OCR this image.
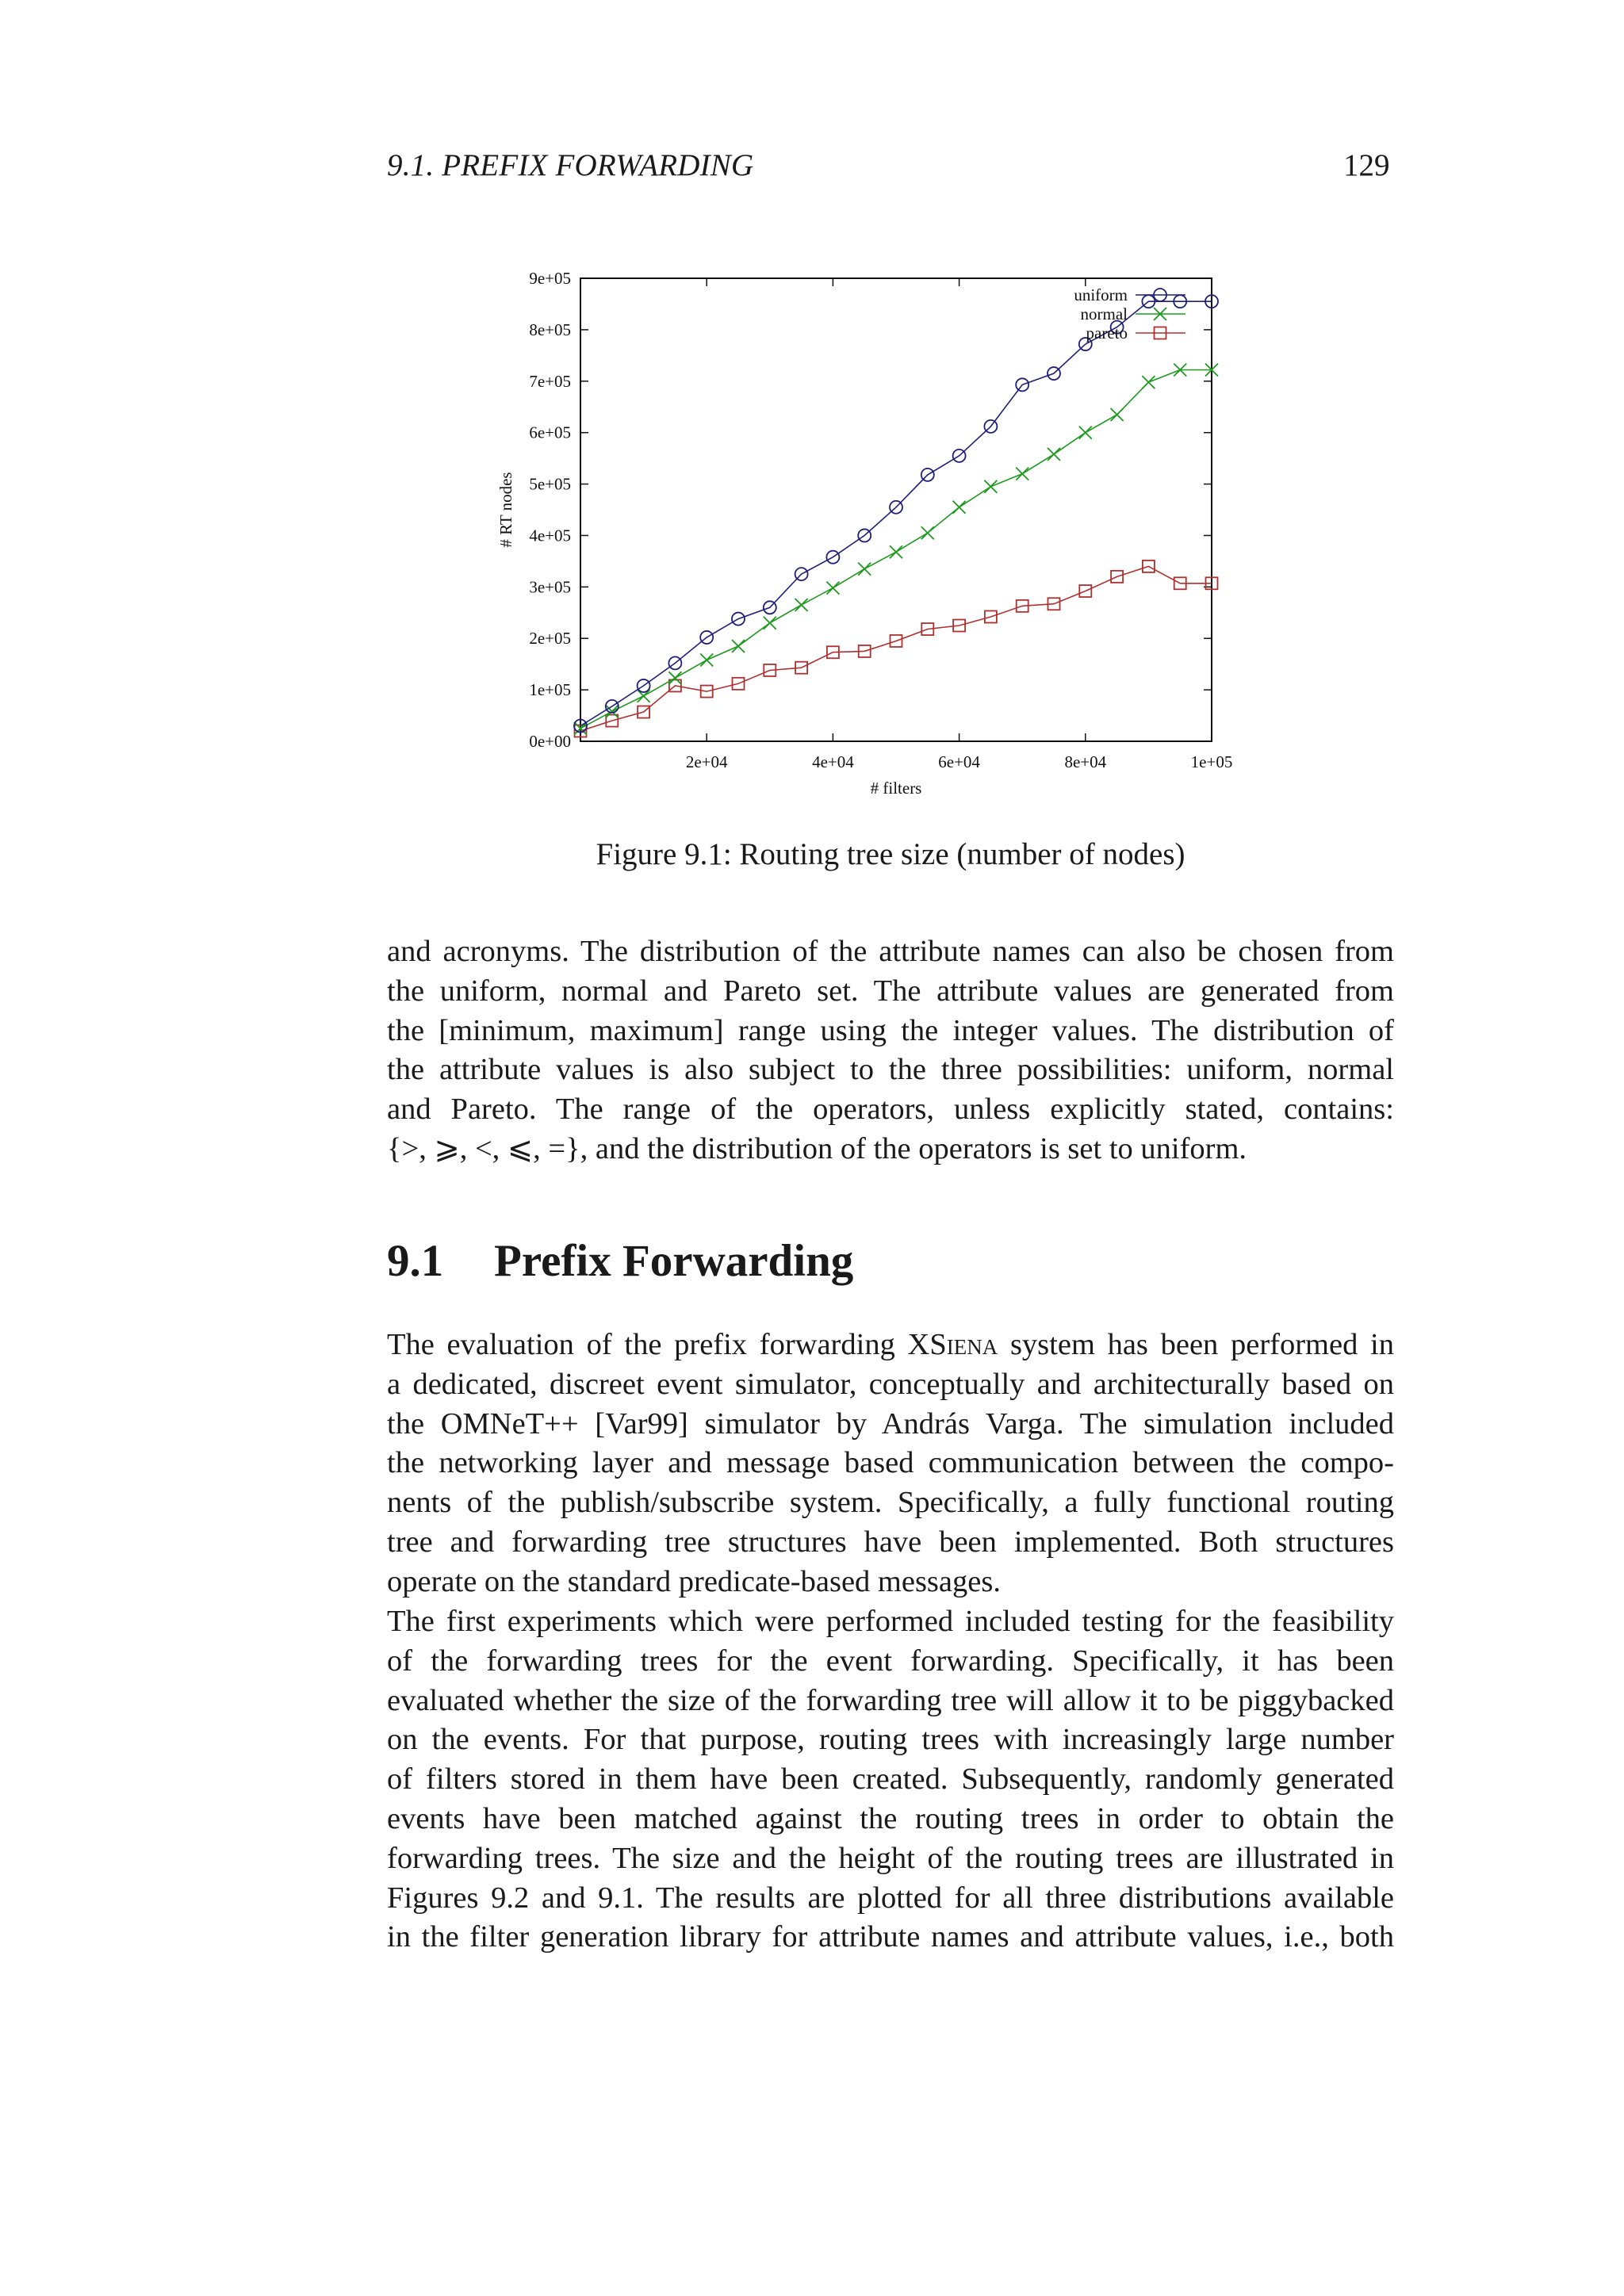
9.1. PREFIX FORWARDING	129
0e+00
1e+05
2e+05
3e+05
4e+05
5e+05
6e+05
7e+05
8e+05
9e+05
2e+04	4e+04	6e+04	8e+04	1e+05
# filters
# RT nodes
uniform
normal
pareto
Figure 9.1: Routing tree size (number of nodes)
and acronyms. The distribution of the attribute names can also be chosen from
the uniform, normal and Pareto set. The attribute values are generated from
the [minimum, maximum] range using the integer values. The distribution of
the attribute values is also subject to the three possibilities: uniform, normal
and Pareto. The range of the operators, unless explicitly stated, contains:
{>, ⩾, <, ⩽, =}, and the distribution of the operators is set to uniform.
9.1 Prefix Forwarding
The evaluation of the prefix forwarding XSiena system has been performed in
a dedicated, discreet event simulator, conceptually and architecturally based on
the OMNeT++ [Var99] simulator by András Varga. The simulation included
the networking layer and message based communication between the compo-
nents of the publish/subscribe system. Specifically, a fully functional routing
tree and forwarding tree structures have been implemented. Both structures
operate on the standard predicate-based messages.
The first experiments which were performed included testing for the feasibility
of the forwarding trees for the event forwarding. Specifically, it has been
evaluated whether the size of the forwarding tree will allow it to be piggybacked
on the events. For that purpose, routing trees with increasingly large number
of filters stored in them have been created. Subsequently, randomly generated
events have been matched against the routing trees in order to obtain the
forwarding trees. The size and the height of the routing trees are illustrated in
Figures 9.2 and 9.1. The results are plotted for all three distributions available
in the filter generation library for attribute names and attribute values, i.e., both
